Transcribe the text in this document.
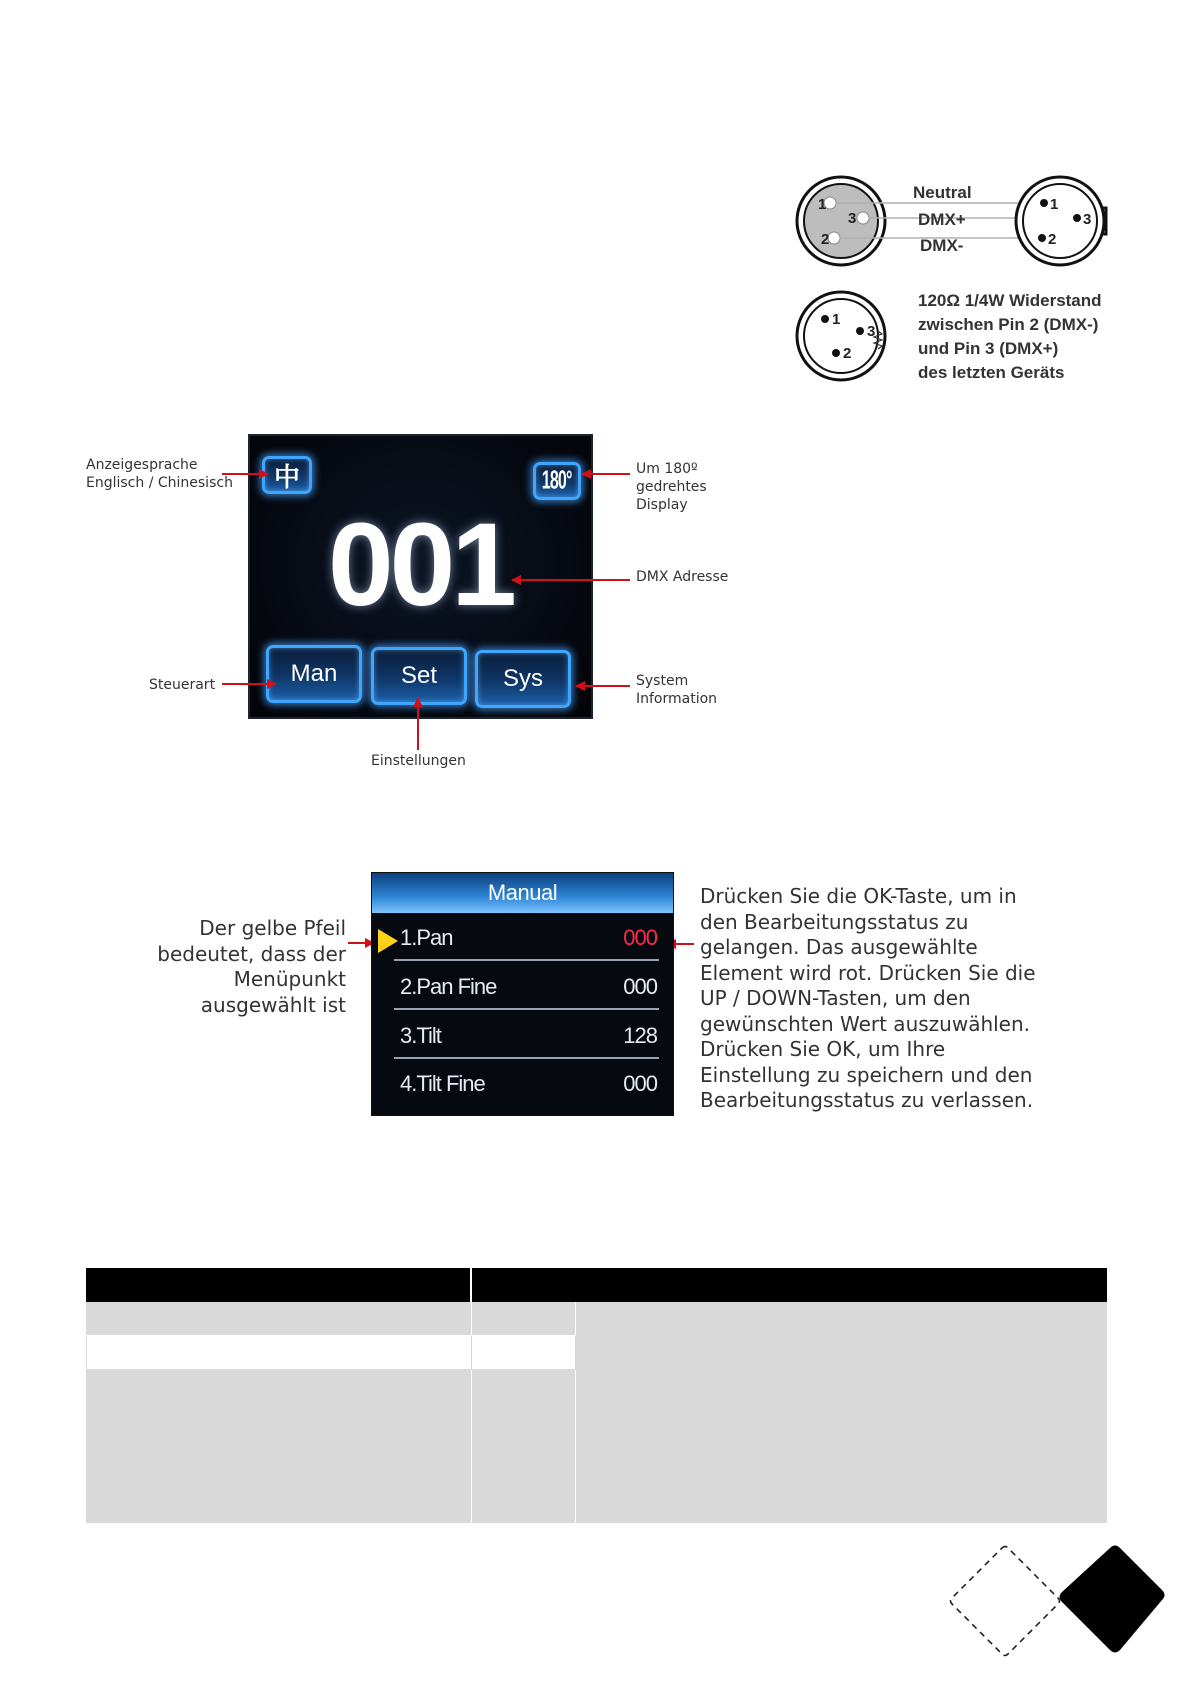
1
3
2
Neutral
DMX+
DMX-
1
3
2
1
3
2
120Ω 1/4W Widerstand
zwischen Pin 2 (DMX-)
und Pin 3 (DMX+)
des letzten Geräts
中	180°
001
Man	Set	Sys
Anzeigesprache
Englisch / Chinesisch
Um 180º
gedrehtes
Display
DMX Adresse
Steuerart	System
Information
Einstellungen
Der gelbe Pfeil
bedeutet, dass der
Menüpunkt
ausgewählt ist
Manual
1.Pan	000
2.Pan Fine	000
3.Tilt	128
4.Tilt Fine	000
Drücken Sie die OK-Taste, um in
den Bearbeitungsstatus zu
gelangen. Das ausgewählte
Element wird rot. Drücken Sie die
UP / DOWN-Tasten, um den
gewünschten Wert auszuwählen.
Drücken Sie OK, um Ihre
Einstellung zu speichern und den
Bearbeitungsstatus zu verlassen.
